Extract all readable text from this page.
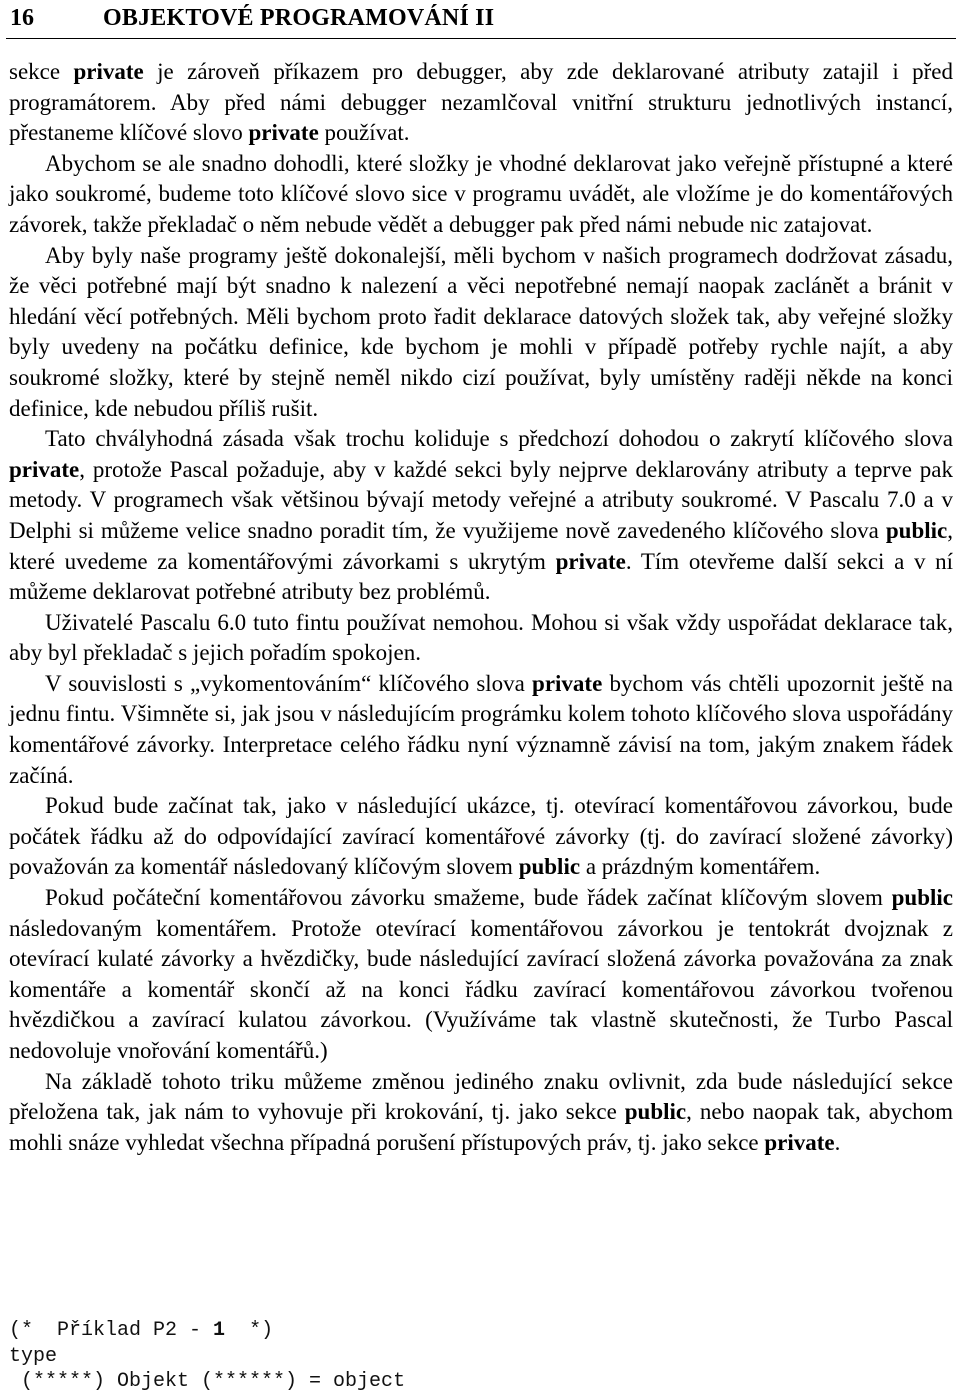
16	OBJEKTOVÉ PROGRAMOVÁNÍ II

sekce private je zároveň příkazem pro debugger, aby zde deklarované atributy zatajil i před programátorem. Aby před námi debugger nezamlčoval vnitřní strukturu jednotlivých instancí, přestaneme klíčové slovo private používat.

Abychom se ale snadno dohodli, které složky je vhodné deklarovat jako veřejně přístupné a které jako soukromé, budeme toto klíčové slovo sice v programu uvádět, ale vložíme je do komentářových závorek, takže překladač o něm nebude vědět a debugger pak před námi nebude nic zatajovat.

Aby byly naše programy ještě dokonalejší, měli bychom v našich programech dodržovat zásadu, že věci potřebné mají být snadno k nalezení a věci nepotřebné nemají naopak zaclánět a bránit v hledání věcí potřebných. Měli bychom proto řadit deklarace datových složek tak, aby veřejné složky byly uvedeny na počátku definice, kde bychom je mohli v případě potřeby rychle najít, a aby soukromé složky, které by stejně neměl nikdo cizí používat, byly umístěny raději někde na konci definice, kde nebudou příliš rušit.

Tato chvályhodná zásada však trochu koliduje s předchozí dohodou o zakrytí klíčového slova private, protože Pascal požaduje, aby v každé sekci byly nejprve deklarovány atributy a teprve pak metody. V programech však většinou bývají metody veřejné a atributy soukromé. V Pascalu 7.0 a v Delphi si můžeme velice snadno poradit tím, že využijeme nově zavedeného klíčového slova public, které uvedeme za komentářovými závorkami s ukrytým private. Tím otevřeme další sekci a v ní můžeme deklarovat potřebné atributy bez problémů.

Uživatelé Pascalu 6.0 tuto fintu používat nemohou. Mohou si však vždy uspořádat deklarace tak, aby byl překladač s jejich pořadím spokojen.

V souvislosti s „vykomentováním“ klíčového slova private bychom vás chtěli upozornit ještě na jednu fintu. Všimněte si, jak jsou v následujícím prográmku kolem tohoto klíčového slova uspořádány komentářové závorky. Interpretace celého řádku nyní významně závisí na tom, jakým znakem řádek začíná.

Pokud bude začínat tak, jako v následující ukázce, tj. otevírací komentářovou závorkou, bude počátek řádku až do odpovídající zavírací komentářové závorky (tj. do zavírací složené závorky) považován za komentář následovaný klíčovým slovem public a prázdným komentářem.

Pokud počáteční komentářovou závorku smažeme, bude řádek začínat klíčovým slovem public následovaným komentářem. Protože otevírací komentářovou závorkou je tentokrát dvojznak z otevírací kulaté závorky a hvězdičky, bude následující zavírací složená závorka považována za znak komentáře a komentář skončí až na konci řádku zavírací komentářovou závorkou tvořenou hvězdičkou a zavírací kulatou závorkou. (Využíváme tak vlastně skutečnosti, že Turbo Pascal nedovoluje vnořování komentářů.)

Na základě tohoto triku můžeme změnou jediného znaku ovlivnit, zda bude následující sekce přeložena tak, jak nám to vyhovuje při krokování, tj. jako sekce public, nebo naopak tak, abychom mohli snáze vyhledat všechna případná porušení přístupových práv, tj. jako sekce private.

(*  Příklad P2 - 1  *)
type
(*****) Objekt (******) = object
